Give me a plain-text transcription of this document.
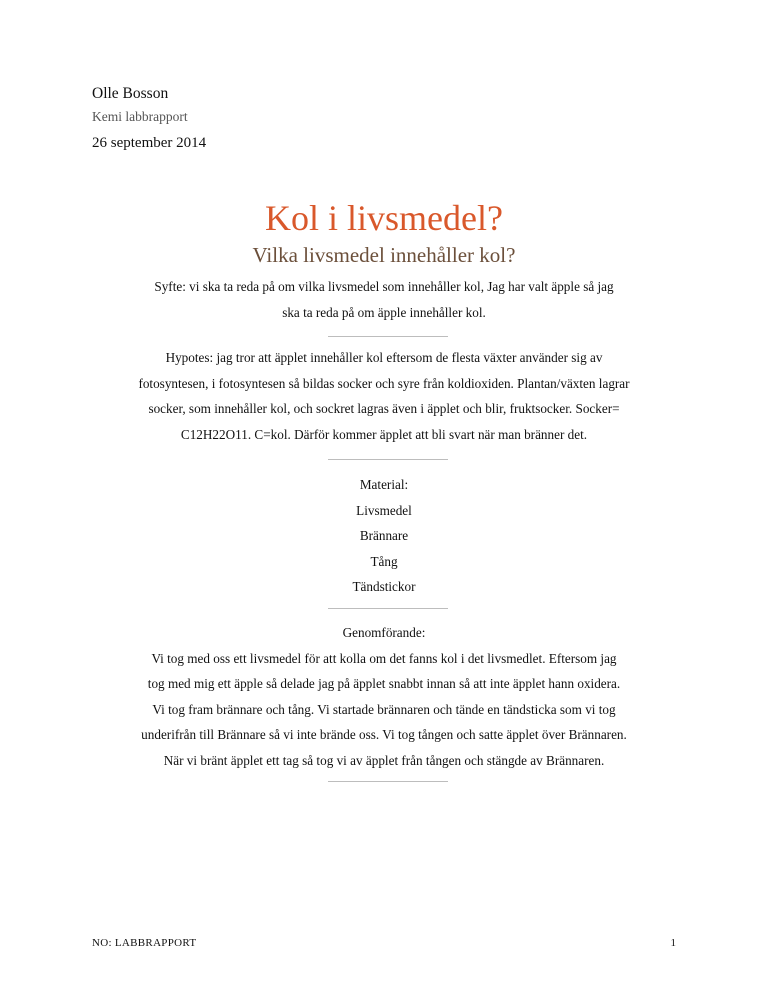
Olle Bosson
Kemi labbrapport
26 september 2014
Kol i livsmedel?
Vilka livsmedel innehåller kol?
Syfte: vi ska ta reda på om vilka livsmedel som innehåller kol, Jag har valt äpple så jag
ska ta reda på om äpple innehåller kol.
Hypotes: jag tror att äpplet innehåller kol eftersom de flesta växter använder sig av
fotosyntesen, i fotosyntesen så bildas socker och syre från koldioxiden. Plantan/växten lagrar
socker, som innehåller kol, och sockret lagras även i äpplet och blir, fruktsocker. Socker=
C12H22O11. C=kol. Därför kommer äpplet att bli svart när man bränner det.
Material:
Livsmedel
Brännare
Tång
Tändstickor
Genomförande:
Vi tog med oss ett livsmedel för att kolla om det fanns kol i det livsmedlet. Eftersom jag
tog med mig ett äpple så delade jag på äpplet snabbt innan så att inte äpplet hann oxidera.
Vi tog fram brännare och tång. Vi startade brännaren och tände en tändsticka som vi tog
underifrån till Brännare så vi inte brände oss. Vi tog tången och satte äpplet över Brännaren.
När vi bränt äpplet ett tag så tog vi av äpplet från tången och stängde av Brännaren.
NO: LABBRAPPORT	1
